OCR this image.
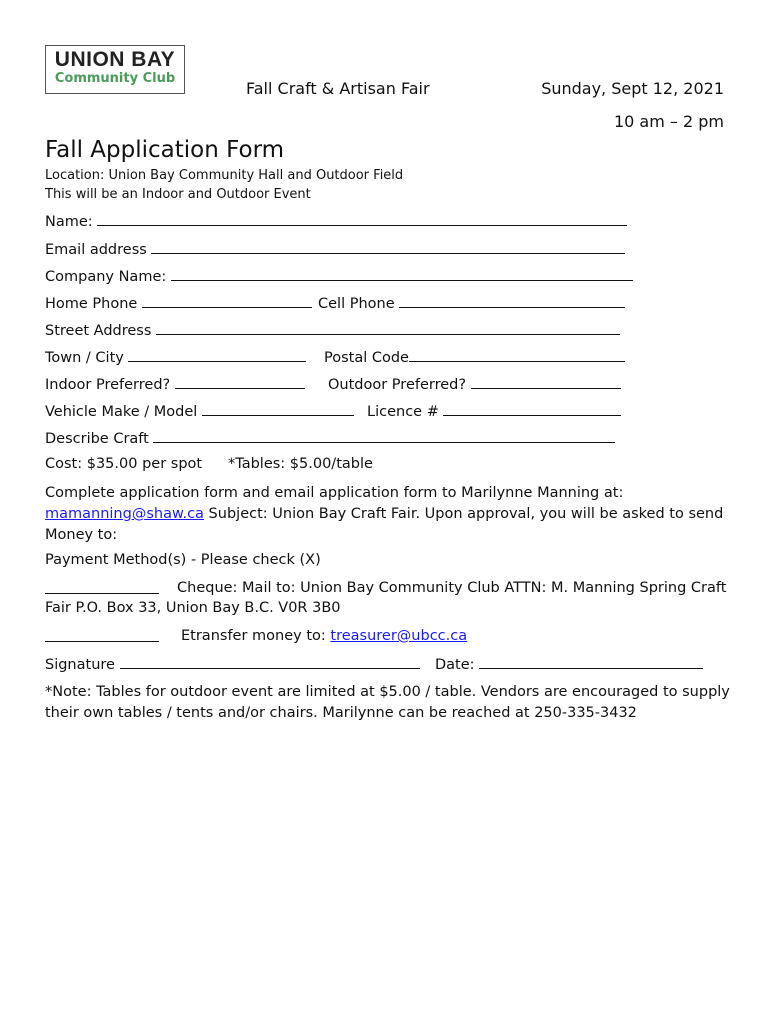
UNION BAY
Community Club
Fall Craft & Artisan Fair	Sunday, Sept 12, 2021
10 am – 2 pm
Fall Application Form
Location: Union Bay Community Hall and Outdoor Field
This will be an Indoor and Outdoor Event
Name:
Email address
Company Name:
Home Phone	Cell Phone
Street Address
Town / City	Postal Code
Indoor Preferred?	Outdoor Preferred?
Vehicle Make / Model	Licence #
Describe Craft
Cost: $35.00 per spot *Tables: $5.00/table
Complete application form and email application form to Marilynne Manning at:
mamanning@shaw.ca Subject: Union Bay Craft Fair. Upon approval, you will be asked to send
Money to:
Payment Method(s) - Please check (X)
Cheque: Mail to: Union Bay Community Club ATTN: M. Manning Spring Craft
Fair P.O. Box 33, Union Bay B.C. V0R 3B0
Etransfer money to: treasurer@ubcc.ca
Signature	Date:
*Note: Tables for outdoor event are limited at $5.00 / table. Vendors are encouraged to supply
their own tables / tents and/or chairs. Marilynne can be reached at 250-335-3432
